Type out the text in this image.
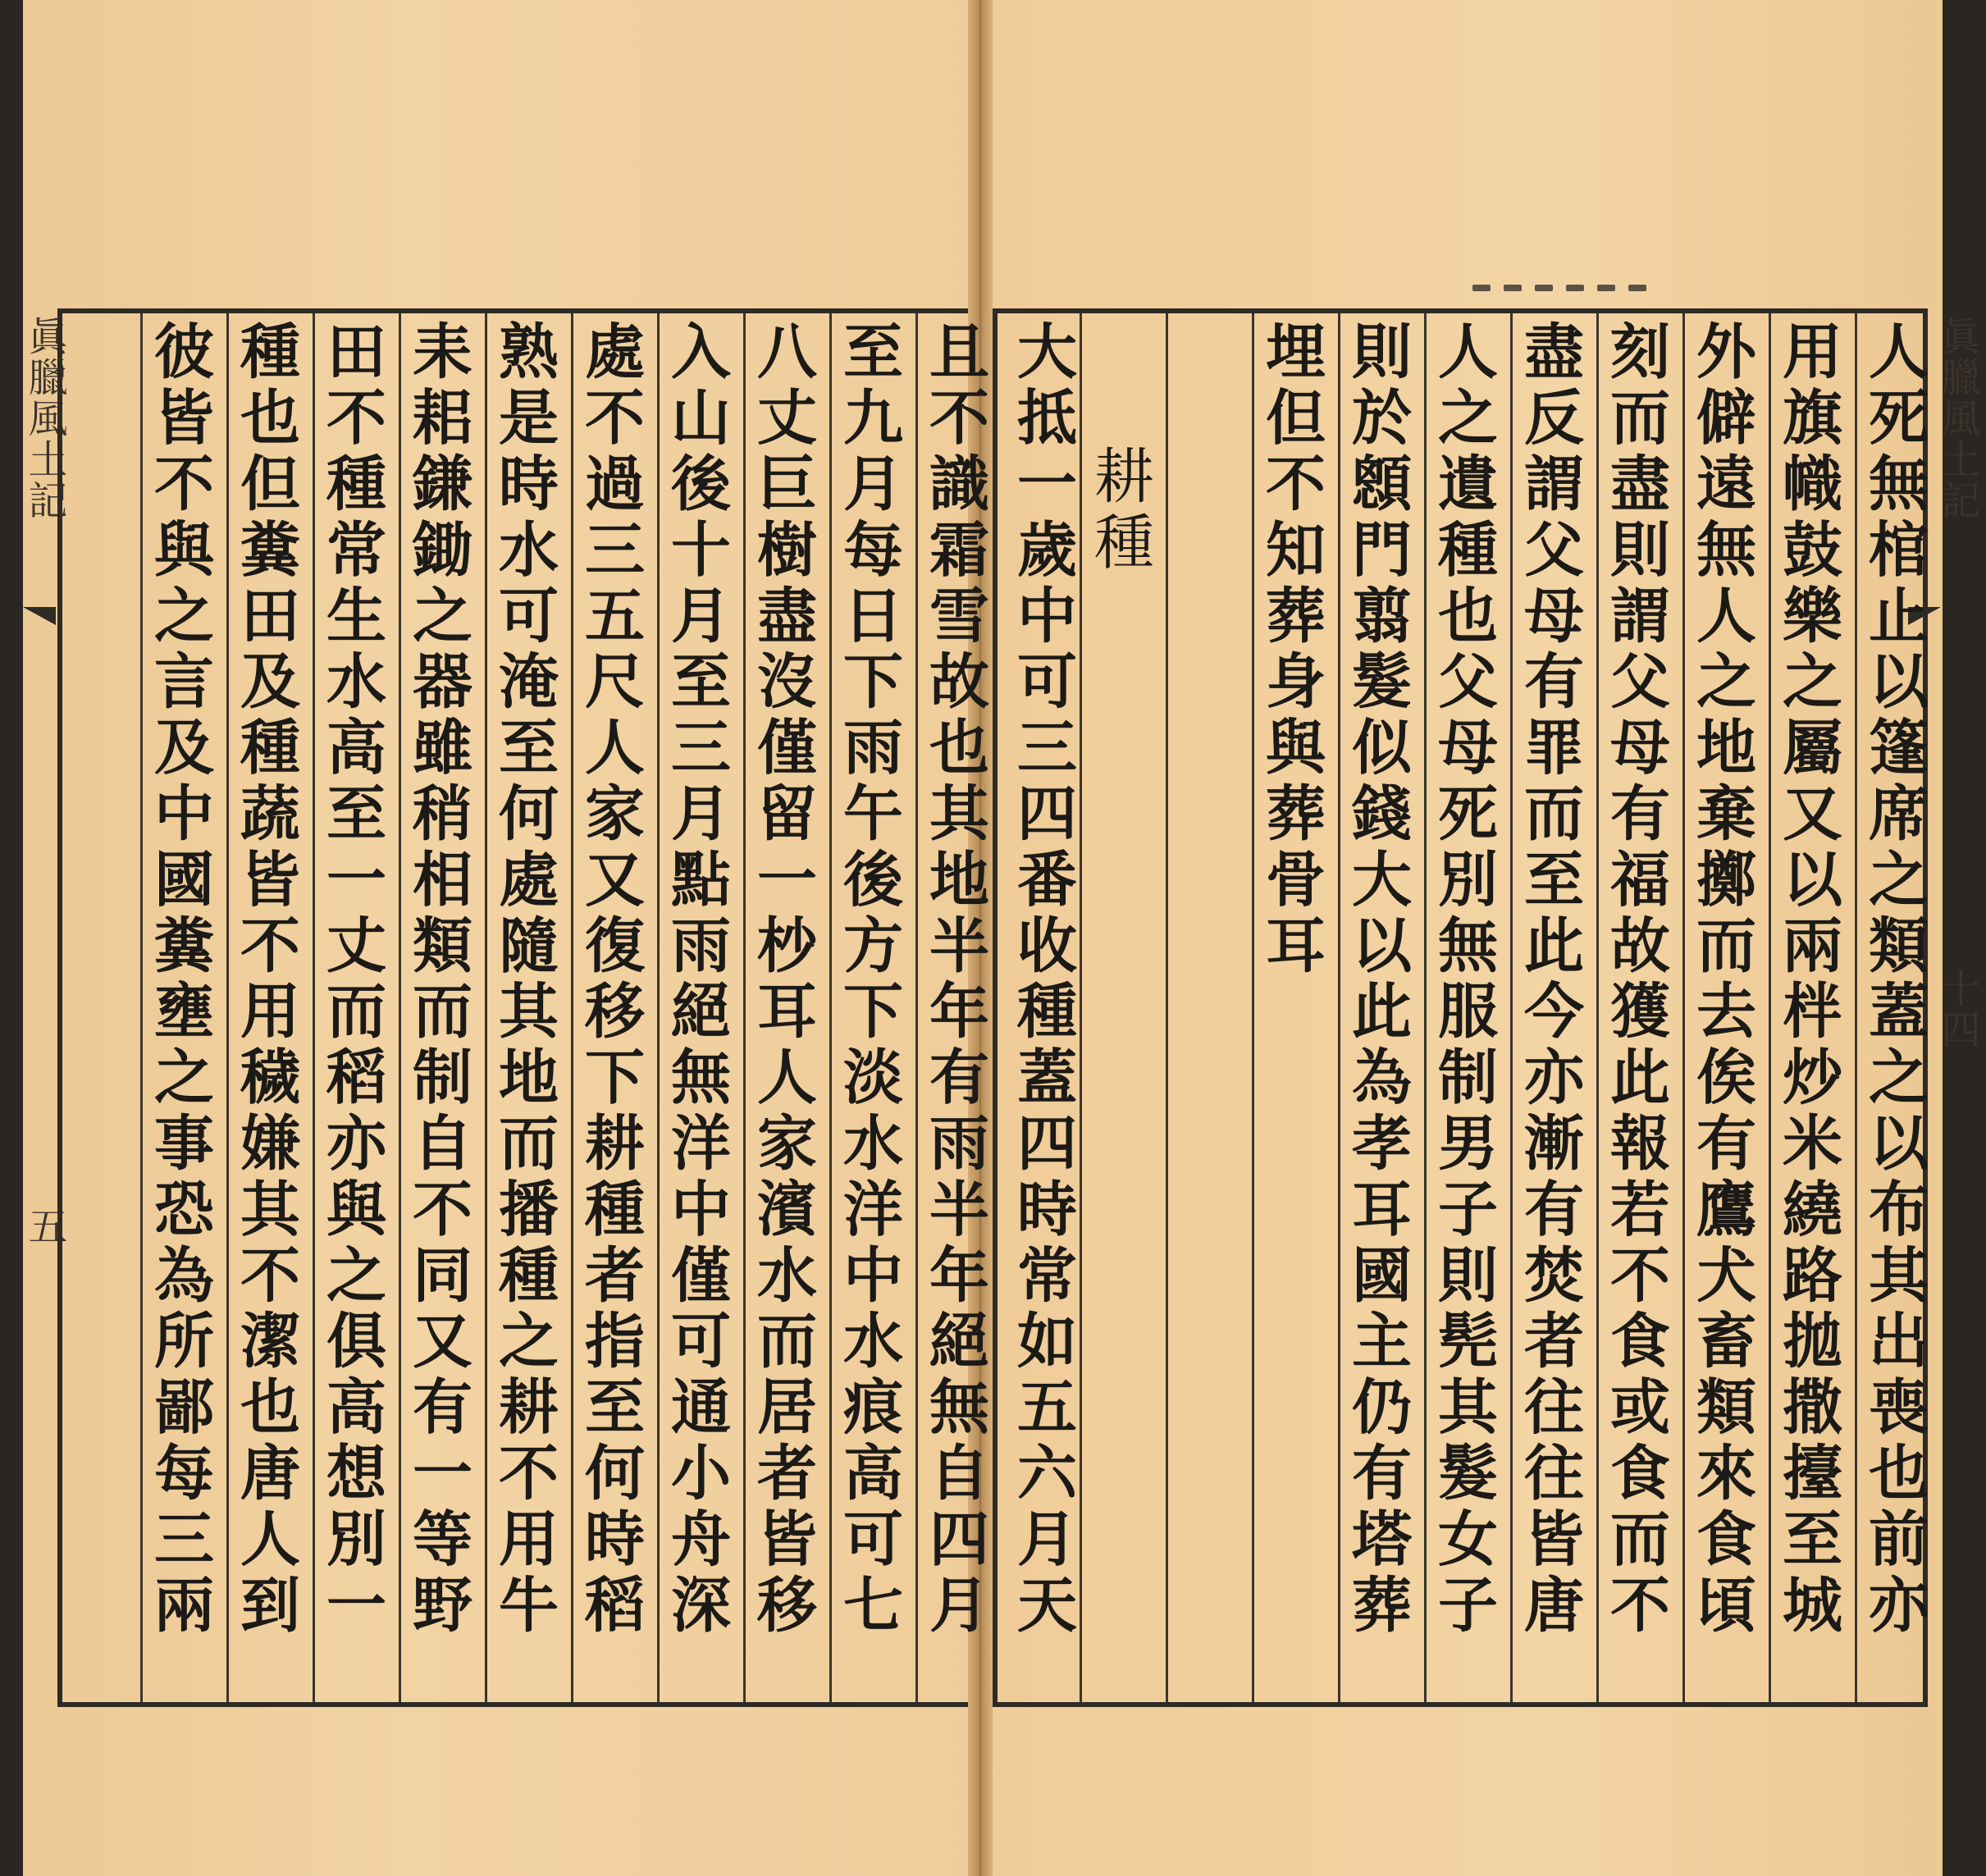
眞臘風土記
五
眞臘風土記
十四
且不識霜雪故也其地半年有雨半年絕無自四月
至九月每日下雨午後方下淡水洋中水痕高可七
八丈巨樹盡沒僅留一杪耳人家濱水而居者皆移
入山後十月至三月點雨絕無洋中僅可通小舟深
處不過三五尺人家又復移下耕種者指至何時稻
熟是時水可淹至何處隨其地而播種之耕不用牛
耒耜鎌鋤之器雖稍相類而制自不同又有一等野
田不種常生水高至一丈而稻亦與之俱高想別一
種也但糞田及種蔬皆不用穢嫌其不潔也唐人到
彼皆不與之言及中國糞壅之事恐為所鄙每三兩	人死無棺止以篷席之類蓋之以布其出喪也前亦
用旗幟鼓樂之屬又以兩柈炒米繞路拋撒擡至城
外僻遠無人之地棄擲而去俟有鷹犬畜類來食頃
刻而盡則謂父母有福故獲此報若不食或食而不
盡反謂父母有罪而至此今亦漸有焚者往往皆唐
人之遺種也父母死別無服制男子則髡其髮女子
則於顖門翦髮似錢大以此為孝耳國主仍有塔葬
埋但不知葬身與葬骨耳
耕種
大抵一歲中可三四番收種蓋四時常如五六月天
